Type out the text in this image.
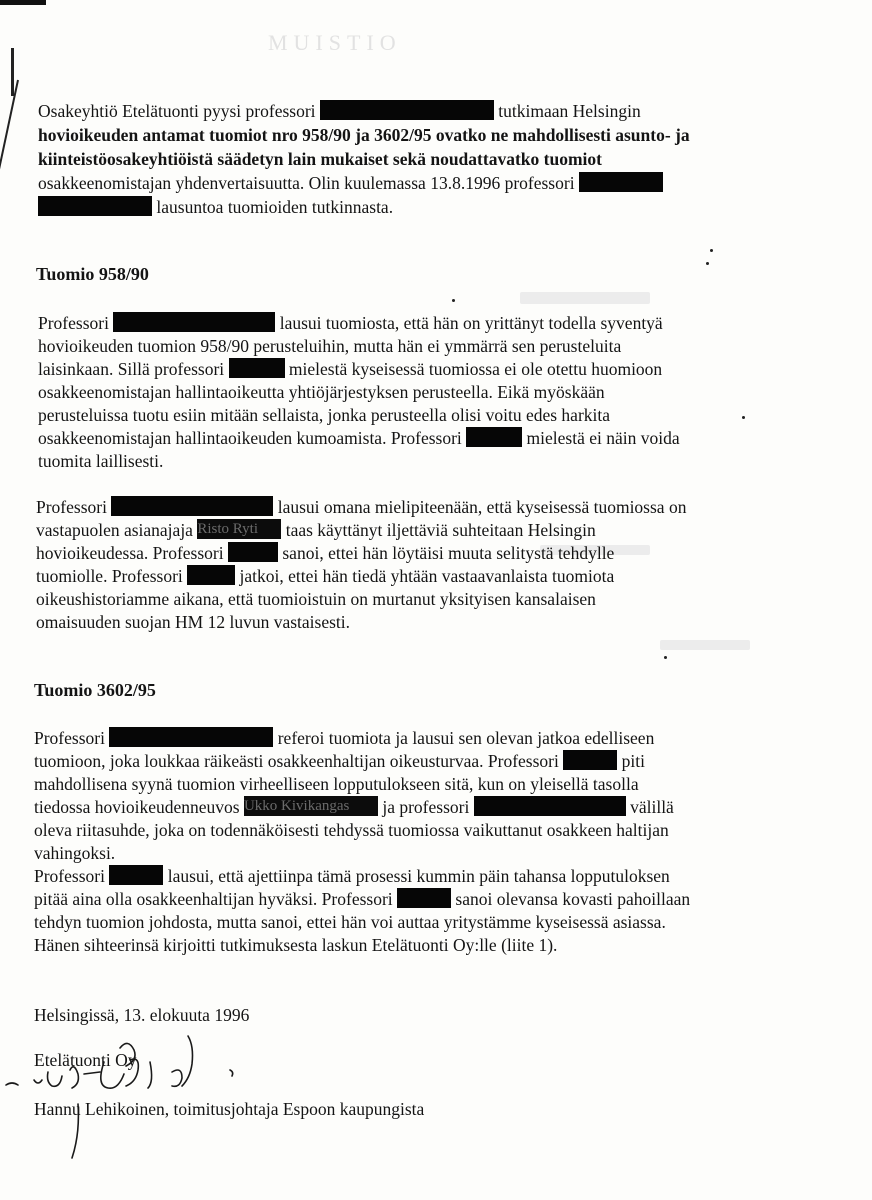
MUISTIO
Osakeyhtiö Etelätuonti pyysi professori	tutkimaan Helsingin
hovioikeuden antamat tuomiot nro 958/90 ja 3602/95 ovatko ne mahdollisesti asunto- ja
kiinteistöosakeyhtiöistä säädetyn lain mukaiset sekä noudattavatko tuomiot
osakkeenomistajan yhdenvertaisuutta. Olin kuulemassa 13.8.1996 professori
lausuntoa tuomioiden tutkinnasta.
Tuomio 958/90
Professori	lausui tuomiosta, että hän on yrittänyt todella syventyä
hovioikeuden tuomion 958/90 perusteluihin, mutta hän ei ymmärrä sen perusteluita
laisinkaan. Sillä professori	mielestä kyseisessä tuomiossa ei ole otettu huomioon
osakkeenomistajan hallintaoikeutta yhtiöjärjestyksen perusteella. Eikä myöskään
perusteluissa tuotu esiin mitään sellaista, jonka perusteella olisi voitu edes harkita
osakkeenomistajan hallintaoikeuden kumoamista. Professori	mielestä ei näin voida
tuomita laillisesti.
Professori	lausui omana mielipiteenään, että kyseisessä tuomiossa on
vastapuolen asianajaja Risto Ryti taas käyttänyt iljettäviä suhteitaan Helsingin
hovioikeudessa. Professori	sanoi, ettei hän löytäisi muuta selitystä tehdylle
tuomiolle. Professori	jatkoi, ettei hän tiedä yhtään vastaavanlaista tuomiota
oikeushistoriamme aikana, että tuomioistuin on murtanut yksityisen kansalaisen
omaisuuden suojan HM 12 luvun vastaisesti.
Tuomio 3602/95
Professori	referoi tuomiota ja lausui sen olevan jatkoa edelliseen
tuomioon, joka loukkaa räikeästi osakkeenhaltijan oikeusturvaa. Professori	piti
mahdollisena syynä tuomion virheelliseen lopputulokseen sitä, kun on yleisellä tasolla
tiedossa hovioikeudenneuvos Ukko Kivikangas ja professori	välillä
oleva riitasuhde, joka on todennäköisesti tehdyssä tuomiossa vaikuttanut osakkeen haltijan
vahingoksi.
Professori	lausui, että ajettiinpa tämä prosessi kummin päin tahansa lopputuloksen
pitää aina olla osakkeenhaltijan hyväksi. Professori	sanoi olevansa kovasti pahoillaan
tehdyn tuomion johdosta, mutta sanoi, ettei hän voi auttaa yritystämme kyseisessä asiassa.
Hänen sihteerinsä kirjoitti tutkimuksesta laskun Etelätuonti Oy:lle (liite 1).
Helsingissä, 13. elokuuta 1996
Etelätuonti Oy
Hannu Lehikoinen, toimitusjohtaja Espoon kaupungista
